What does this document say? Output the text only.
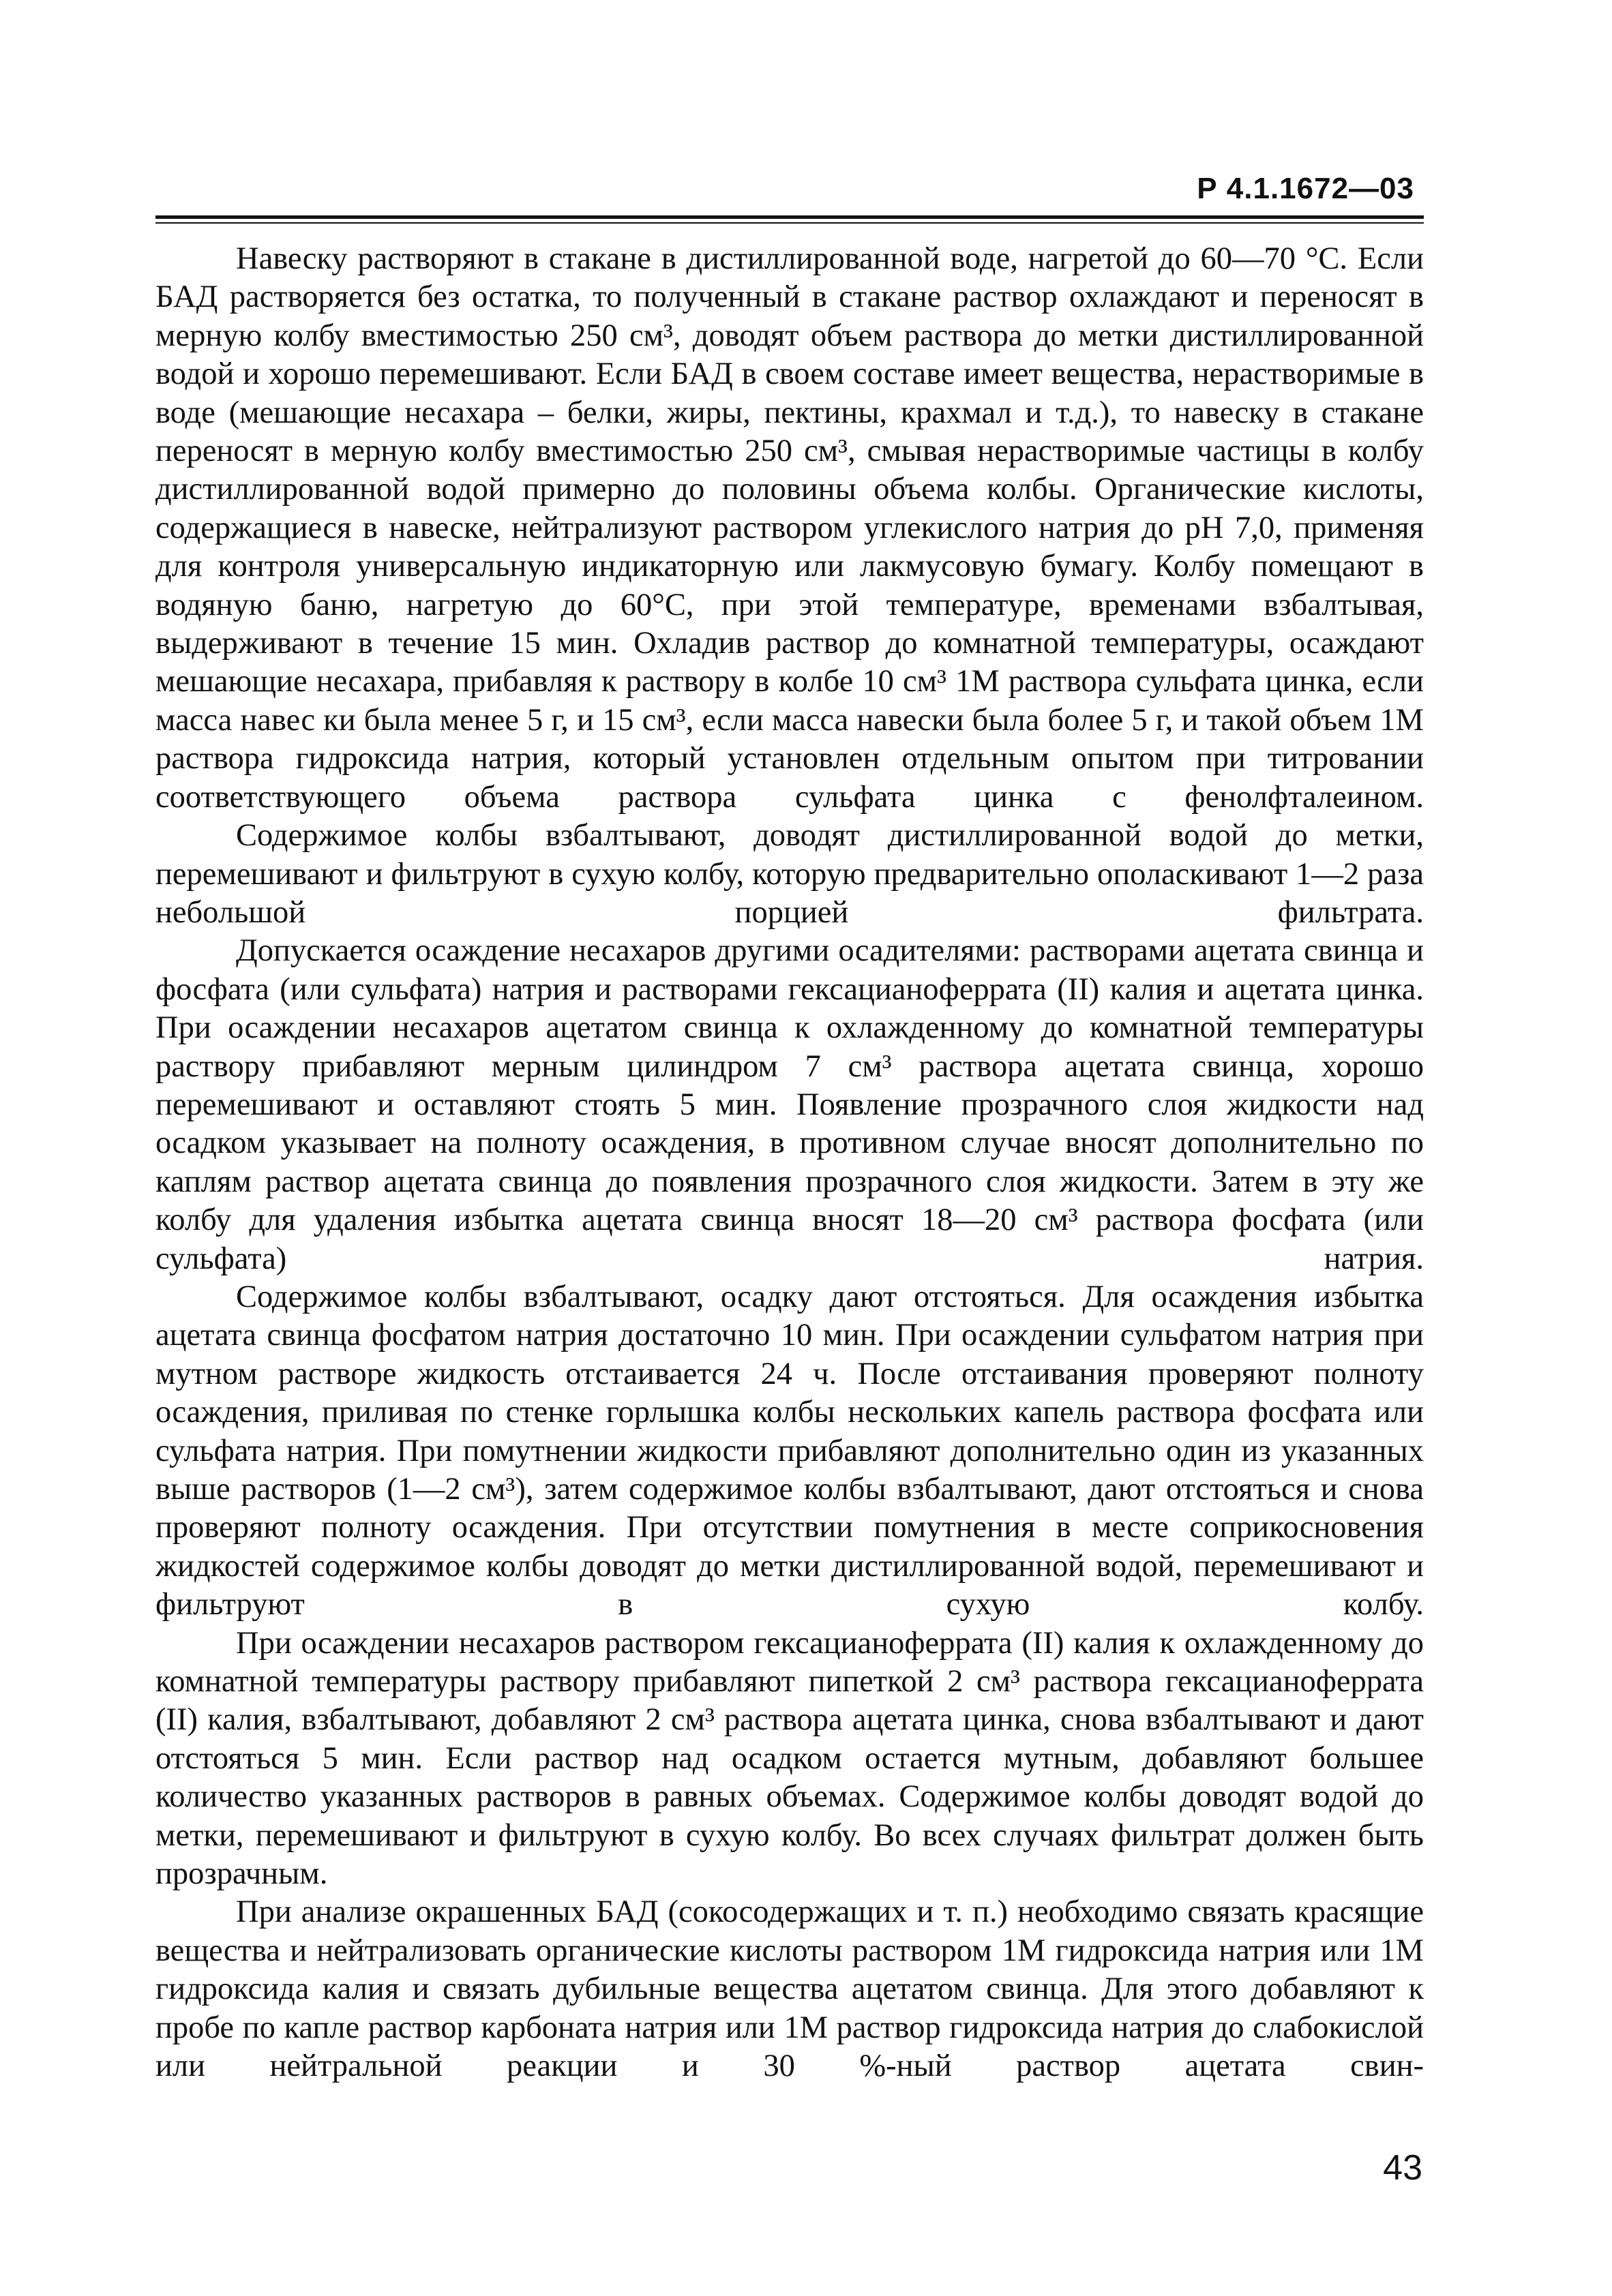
Р 4.1.1672—03

Навеску растворяют в стакане в дистиллированной воде, нагретой до 60—70 °С. Если БАД растворяется без остатка, то полученный в стакане раствор охлаждают и переносят в мерную колбу вместимостью 250 см³, доводят объем раствора до метки дистиллированной водой и хорошо перемешивают. Если БАД в своем составе имеет вещества, нерастворимые в воде (мешающие несахара – белки, жиры, пектины, крахмал и т.д.), то навеску в стакане переносят в мерную колбу вместимостью 250 см³, смывая нерастворимые частицы в колбу дистиллированной водой примерно до половины объема колбы. Органические кислоты, содержащиеся в навеске, нейтрализуют раствором углекислого натрия до рН 7,0, применяя для контроля универсальную индикаторную или лакмусовую бумагу. Колбу помещают в водяную баню, нагретую до 60°С, при этой температуре, временами взбалтывая, выдерживают в течение 15 мин. Охладив раствор до комнатной температуры, осаждают мешающие несахара, прибавляя к раствору в колбе 10 см³ 1М раствора сульфата цинка, если масса навес ки была менее 5 г, и 15 см³, если масса навески была более 5 г, и такой объем 1М раствора гидроксида натрия, который установлен отдельным опытом при титровании соответствующего объема раствора сульфата цинка с фенолфталеином.

Содержимое колбы взбалтывают, доводят дистиллированной водой до метки, перемешивают и фильтруют в сухую колбу, которую предварительно ополаскивают 1—2 раза небольшой порцией фильтрата.

Допускается осаждение несахаров другими осадителями: растворами ацетата свинца и фосфата (или сульфата) натрия и растворами гексацианоферрата (II) калия и ацетата цинка. При осаждении несахаров ацетатом свинца к охлажденному до комнатной температуры раствору прибавляют мерным цилиндром 7 см³ раствора ацетата свинца, хорошо перемешивают и оставляют стоять 5 мин. Появление прозрачного слоя жидкости над осадком указывает на полноту осаждения, в противном случае вносят дополнительно по каплям раствор ацетата свинца до появления прозрачного слоя жидкости. Затем в эту же колбу для удаления избытка ацетата свинца вносят 18—20 см³ раствора фосфата (или сульфата) натрия.

Содержимое колбы взбалтывают, осадку дают отстояться. Для осаждения избытка ацетата свинца фосфатом натрия достаточно 10 мин. При осаждении сульфатом натрия при мутном растворе жидкость отстаивается 24 ч. После отстаивания проверяют полноту осаждения, приливая по стенке горлышка колбы нескольких капель раствора фосфата или сульфата натрия. При помутнении жидкости прибавляют дополнительно один из указанных выше растворов (1—2 см³), затем содержимое колбы взбалтывают, дают отстояться и снова проверяют полноту осаждения. При отсутствии помутнения в месте соприкосновения жидкостей содержимое колбы доводят до метки дистиллированной водой, перемешивают и фильтруют в сухую колбу.

При осаждении несахаров раствором гексацианоферрата (II) калия к охлажденному до комнатной температуры раствору прибавляют пипеткой 2 см³ раствора гексацианоферрата (II) калия, взбалтывают, добавляют 2 см³ раствора ацетата цинка, снова взбалтывают и дают отстояться 5 мин. Если раствор над осадком остается мутным, добавляют большее количество указанных растворов в равных объемах. Содержимое колбы доводят водой до метки, перемешивают и фильтруют в сухую колбу. Во всех случаях фильтрат должен быть прозрачным.

При анализе окрашенных БАД (сокосодержащих и т. п.) необходимо связать красящие вещества и нейтрализовать органические кислоты раствором 1М гидроксида натрия или 1М гидроксида калия и связать дубильные вещества ацетатом свинца. Для этого добавляют к пробе по капле раствор карбоната натрия или 1М раствор гидроксида натрия до слабокислой или нейтральной реакции и 30 %-ный раствор ацетата свин-

43
